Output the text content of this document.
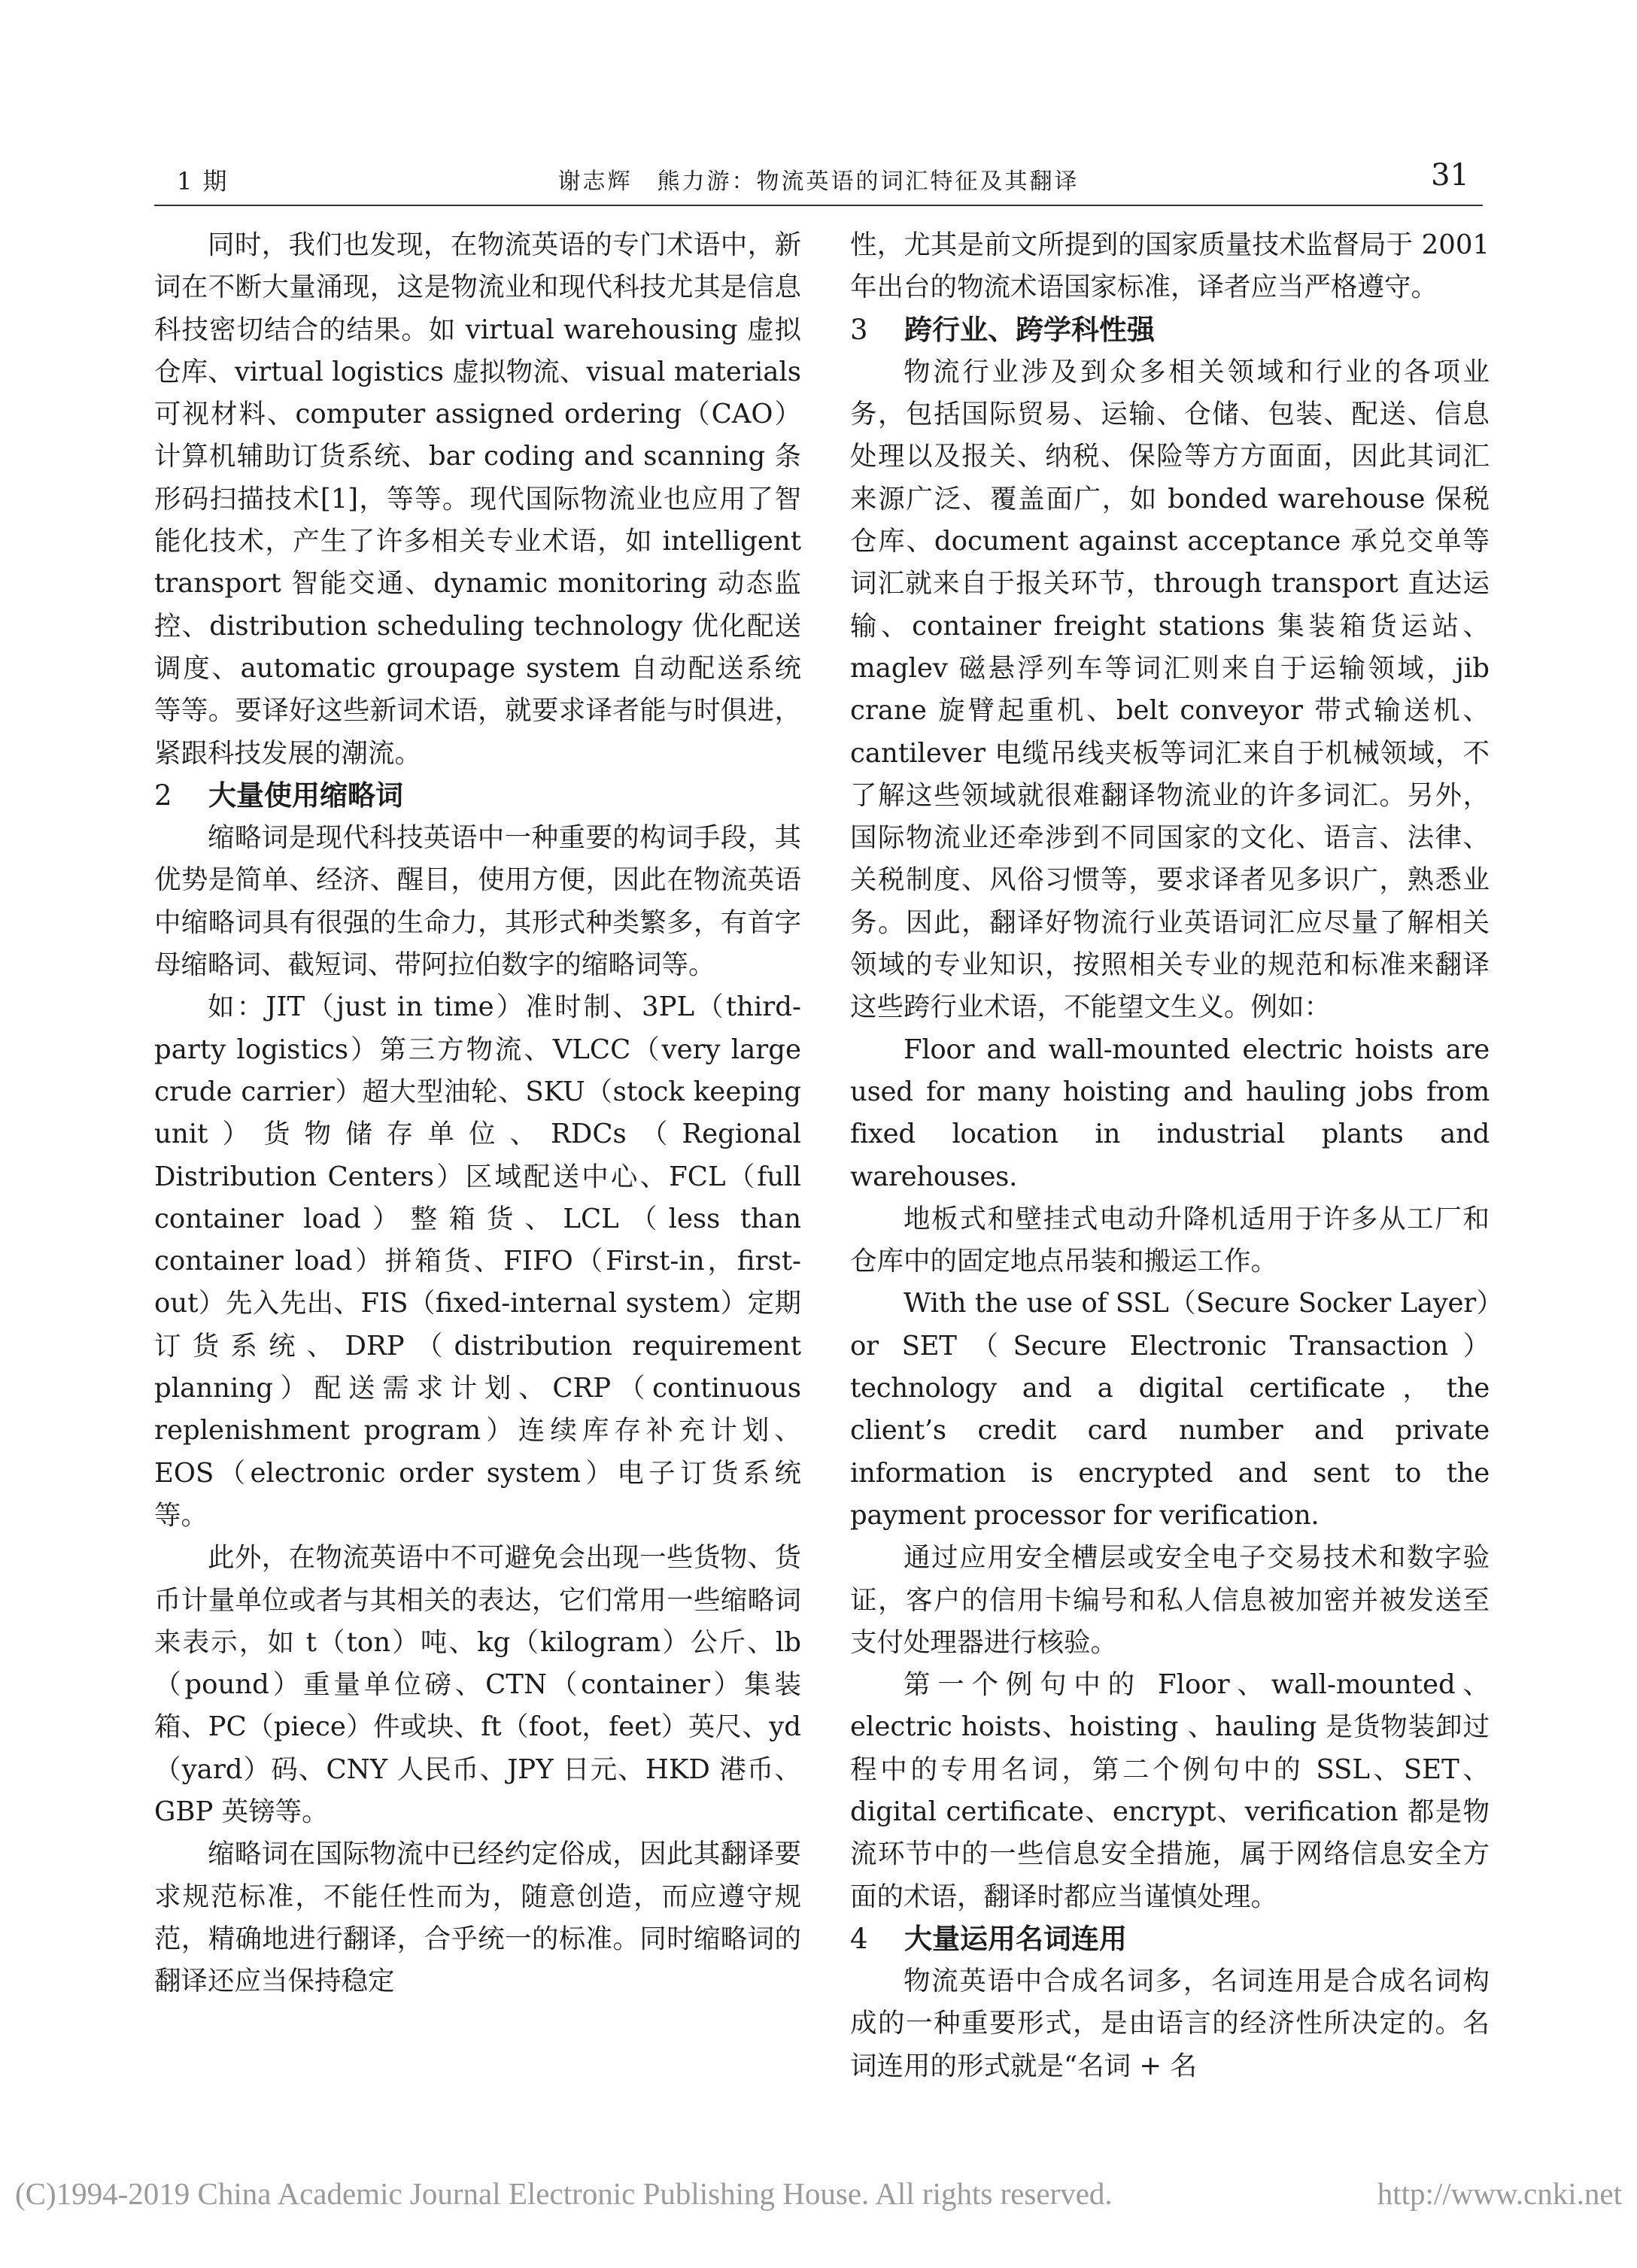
1 期	谢志辉　熊力游：物流英语的词汇特征及其翻译	31

同时，我们也发现，在物流英语的专门术语中，新词在不断大量涌现，这是物流业和现代科技尤其是信息科技密切结合的结果。如 virtual warehousing 虚拟仓库、virtual logistics 虚拟物流、visual materials 可视材料、computer assigned ordering（CAO）计算机辅助订货系统、bar coding and scanning 条形码扫描技术[1]，等等。现代国际物流业也应用了智能化技术，产生了许多相关专业术语，如 intelligent transport 智能交通、dynamic monitoring 动态监控、distribution scheduling technology 优化配送调度、automatic groupage system 自动配送系统等等。要译好这些新词术语，就要求译者能与时俱进，紧跟科技发展的潮流。

2 大量使用缩略词

缩略词是现代科技英语中一种重要的构词手段，其优势是简单、经济、醒目，使用方便，因此在物流英语中缩略词具有很强的生命力，其形式种类繁多，有首字母缩略词、截短词、带阿拉伯数字的缩略词等。

如：JIT（just in time）准时制、3PL（third-party logistics）第三方物流、VLCC（very large crude carrier）超大型油轮、SKU（stock keeping unit）货物储存单位、RDCs（Regional Distribution Centers）区域配送中心、FCL（full container load）整箱货、LCL（less than container load）拼箱货、FIFO（First-in，first-out）先入先出、FIS（fixed-internal system）定期订货系统、DRP（distribution requirement planning）配送需求计划、CRP（continuous replenishment program）连续库存补充计划、EOS（electronic order system）电子订货系统等。

此外，在物流英语中不可避免会出现一些货物、货币计量单位或者与其相关的表达，它们常用一些缩略词来表示，如 t（ton）吨、kg（kilogram）公斤、lb（pound）重量单位磅、CTN（container）集装箱、PC（piece）件或块、ft（foot，feet）英尺、yd（yard）码、CNY 人民币、JPY 日元、HKD 港币、GBP 英镑等。

缩略词在国际物流中已经约定俗成，因此其翻译要求规范标准，不能任性而为，随意创造，而应遵守规范，精确地进行翻译，合乎统一的标准。同时缩略词的翻译还应当保持稳定

性，尤其是前文所提到的国家质量技术监督局于 2001 年出台的物流术语国家标准，译者应当严格遵守。

3 跨行业、跨学科性强

物流行业涉及到众多相关领域和行业的各项业务，包括国际贸易、运输、仓储、包装、配送、信息处理以及报关、纳税、保险等方方面面，因此其词汇来源广泛、覆盖面广，如 bonded warehouse 保税仓库、document against acceptance 承兑交单等词汇就来自于报关环节，through transport 直达运输、container freight stations 集装箱货运站、maglev 磁悬浮列车等词汇则来自于运输领域，jib crane 旋臂起重机、belt conveyor 带式输送机、cantilever 电缆吊线夹板等词汇来自于机械领域，不了解这些领域就很难翻译物流业的许多词汇。另外，国际物流业还牵涉到不同国家的文化、语言、法律、关税制度、风俗习惯等，要求译者见多识广，熟悉业务。因此，翻译好物流行业英语词汇应尽量了解相关领域的专业知识，按照相关专业的规范和标准来翻译这些跨行业术语，不能望文生义。例如：

Floor and wall-mounted electric hoists are used for many hoisting and hauling jobs from fixed location in industrial plants and warehouses.

地板式和壁挂式电动升降机适用于许多从工厂和仓库中的固定地点吊装和搬运工作。

With the use of SSL（Secure Socker Layer）or SET（Secure Electronic Transaction）technology and a digital certificate，the client’s credit card number and private information is encrypted and sent to the payment processor for verification.

通过应用安全槽层或安全电子交易技术和数字验证，客户的信用卡编号和私人信息被加密并被发送至支付处理器进行核验。

第一个例句中的 Floor、wall-mounted、electric hoists、hoisting 、hauling 是货物装卸过程中的专用名词，第二个例句中的 SSL、SET、digital certificate、encrypt、verification 都是物流环节中的一些信息安全措施，属于网络信息安全方面的术语，翻译时都应当谨慎处理。

4 大量运用名词连用

物流英语中合成名词多，名词连用是合成名词构成的一种重要形式，是由语言的经济性所决定的。名词连用的形式就是“名词 + 名

(C)1994-2019 China Academic Journal Electronic Publishing House. All rights reserved.	http://www.cnki.net
